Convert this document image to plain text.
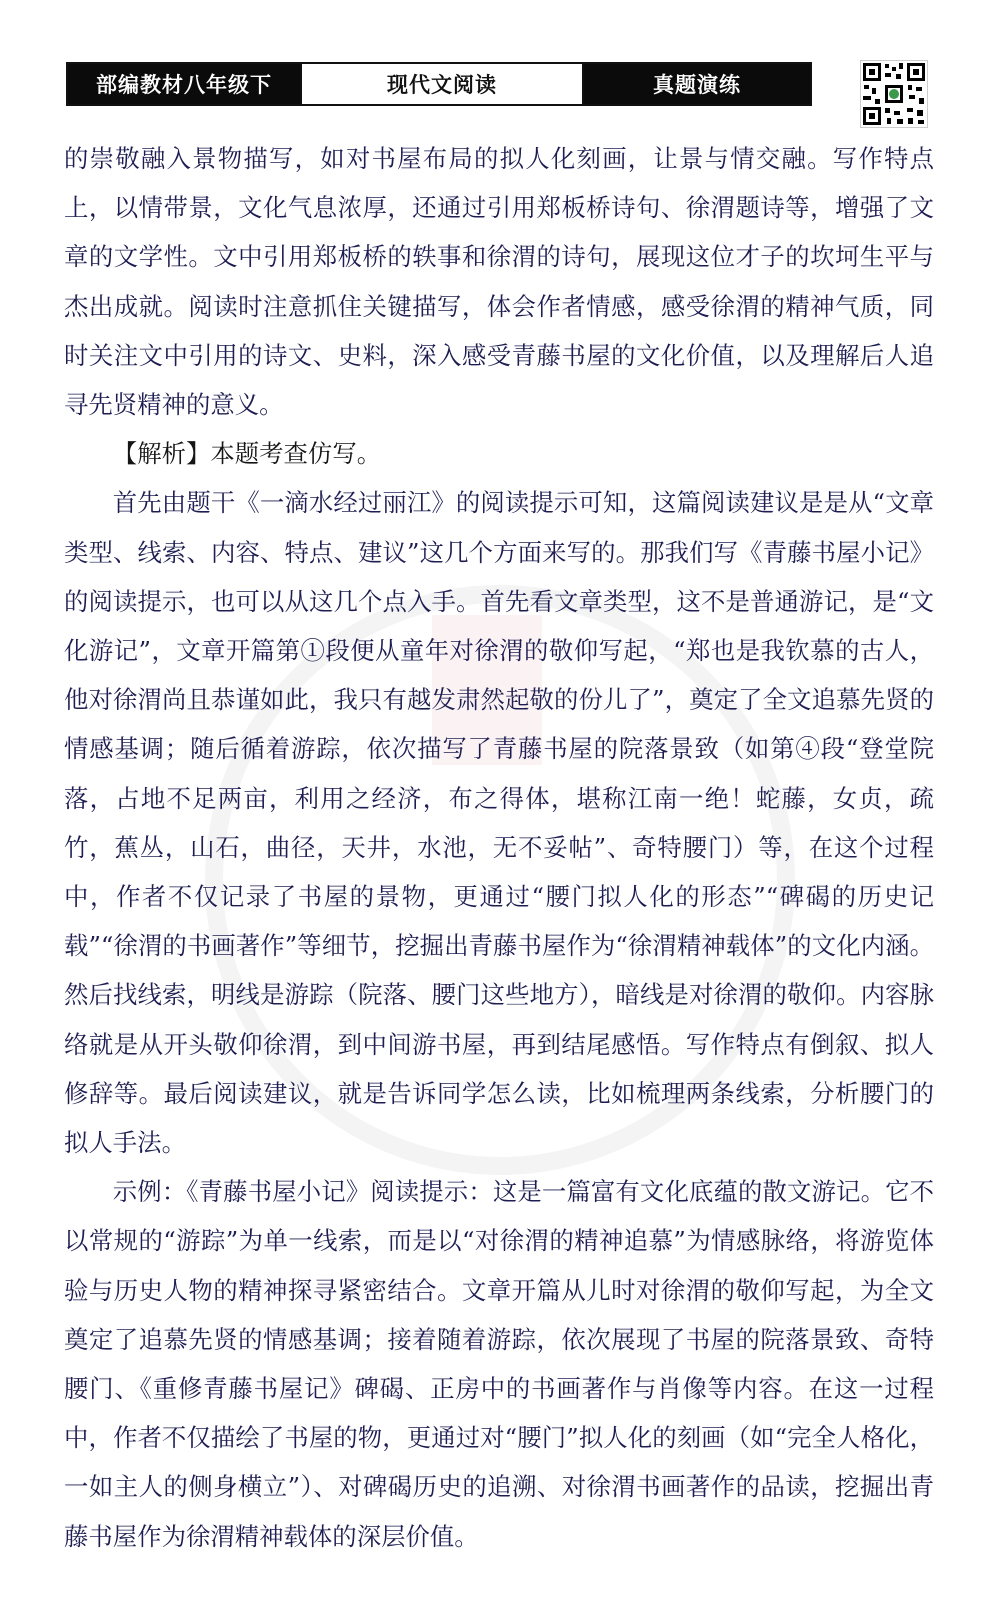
部编教材八年级下	现代文阅读	真题演练

的崇敬融入景物描写，如对书屋布局的拟人化刻画，让景与情交融。写作特点上，以情带景，文化气息浓厚，还通过引用郑板桥诗句、徐渭题诗等，增强了文章的文学性。文中引用郑板桥的轶事和徐渭的诗句，展现这位才子的坎坷生平与杰出成就。阅读时注意抓住关键描写，体会作者情感，感受徐渭的精神气质，同时关注文中引用的诗文、史料，深入感受青藤书屋的文化价值，以及理解后人追寻先贤精神的意义。

【解析】本题考查仿写。

首先由题干《一滴水经过丽江》的阅读提示可知，这篇阅读建议是是从“文章类型、线索、内容、特点、建议”这几个方面来写的。那我们写《青藤书屋小记》的阅读提示，也可以从这几个点入手。首先看文章类型，这不是普通游记，是“文化游记”，文章开篇第①段便从童年对徐渭的敬仰写起，“郑也是我钦慕的古人，他对徐渭尚且恭谨如此，我只有越发肃然起敬的份儿了”，奠定了全文追慕先贤的情感基调；随后循着游踪，依次描写了青藤书屋的院落景致（如第④段“登堂院落，占地不足两亩，利用之经济，布之得体，堪称江南一绝！蛇藤，女贞，疏竹，蕉丛，山石，曲径，天井，水池，无不妥帖”、奇特腰门）等，在这个过程中，作者不仅记录了书屋的景物，更通过“腰门拟人化的形态”“碑碣的历史记载”“徐渭的书画著作”等细节，挖掘出青藤书屋作为“徐渭精神载体”的文化内涵。然后找线索，明线是游踪（院落、腰门这些地方），暗线是对徐渭的敬仰。内容脉络就是从开头敬仰徐渭，到中间游书屋，再到结尾感悟。写作特点有倒叙、拟人修辞等。最后阅读建议，就是告诉同学怎么读，比如梳理两条线索，分析腰门的拟人手法。

示例：《青藤书屋小记》阅读提示：这是一篇富有文化底蕴的散文游记。它不以常规的“游踪”为单一线索，而是以“对徐渭的精神追慕”为情感脉络，将游览体验与历史人物的精神探寻紧密结合。文章开篇从儿时对徐渭的敬仰写起，为全文奠定了追慕先贤的情感基调；接着随着游踪，依次展现了书屋的院落景致、奇特腰门、《重修青藤书屋记》碑碣、正房中的书画著作与肖像等内容。在这一过程中，作者不仅描绘了书屋的物，更通过对“腰门”拟人化的刻画（如“完全人格化，一如主人的侧身横立”）、对碑碣历史的追溯、对徐渭书画著作的品读，挖掘出青藤书屋作为徐渭精神载体的深层价值。
